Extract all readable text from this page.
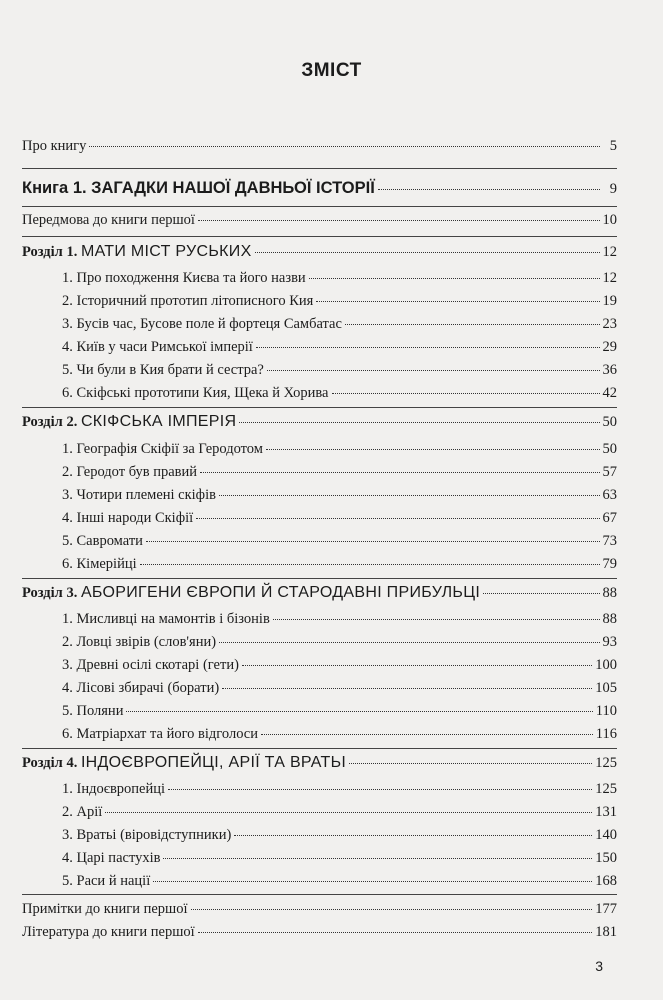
ЗМІСТ
Про книгу	5
Книга 1. ЗАГАДКИ НАШОЇ ДАВНЬОЇ ІСТОРІЇ	9
Передмова до книги першої	10
Розділ 1. МАТИ МІСТ РУСЬКИХ	12
1. Про походження Києва та його назви	12
2. Історичний прототип літописного Кия	19
3. Бусів час, Бусове поле й фортеця Самбатас	23
4. Київ у часи Римської імперії	29
5. Чи були в Кия брати й сестра?	36
6. Скіфські прототипи Кия, Щека й Хорива	42
Розділ 2. СКІФСЬКА ІМПЕРІЯ	50
1. Географія Скіфії за Геродотом	50
2. Геродот був правий	57
3. Чотири племені скіфів	63
4. Інші народи Скіфії	67
5. Савромати	73
6. Кімерійці	79
Розділ 3. АБОРИГЕНИ ЄВРОПИ Й СТАРОДАВНІ ПРИБУЛЬЦІ	88
1. Мисливці на мамонтів і бізонів	88
2. Ловці звірів (слов'яни)	93
3. Древні осілі скотарі (гети)	100
4. Лісові збирачі (борати)	105
5. Поляни	110
6. Матріархат та його відголоси	116
Розділ 4. ІНДОЄВРОПЕЙЦІ, АРІЇ ТА ВРАТЬІ	125
1. Індоєвропейці	125
2. Арії	131
3. Вратьі (віровідступники)	140
4. Царі пастухів	150
5. Раси й нації	168
Примітки до книги першої	177
Література до книги першої	181
3
